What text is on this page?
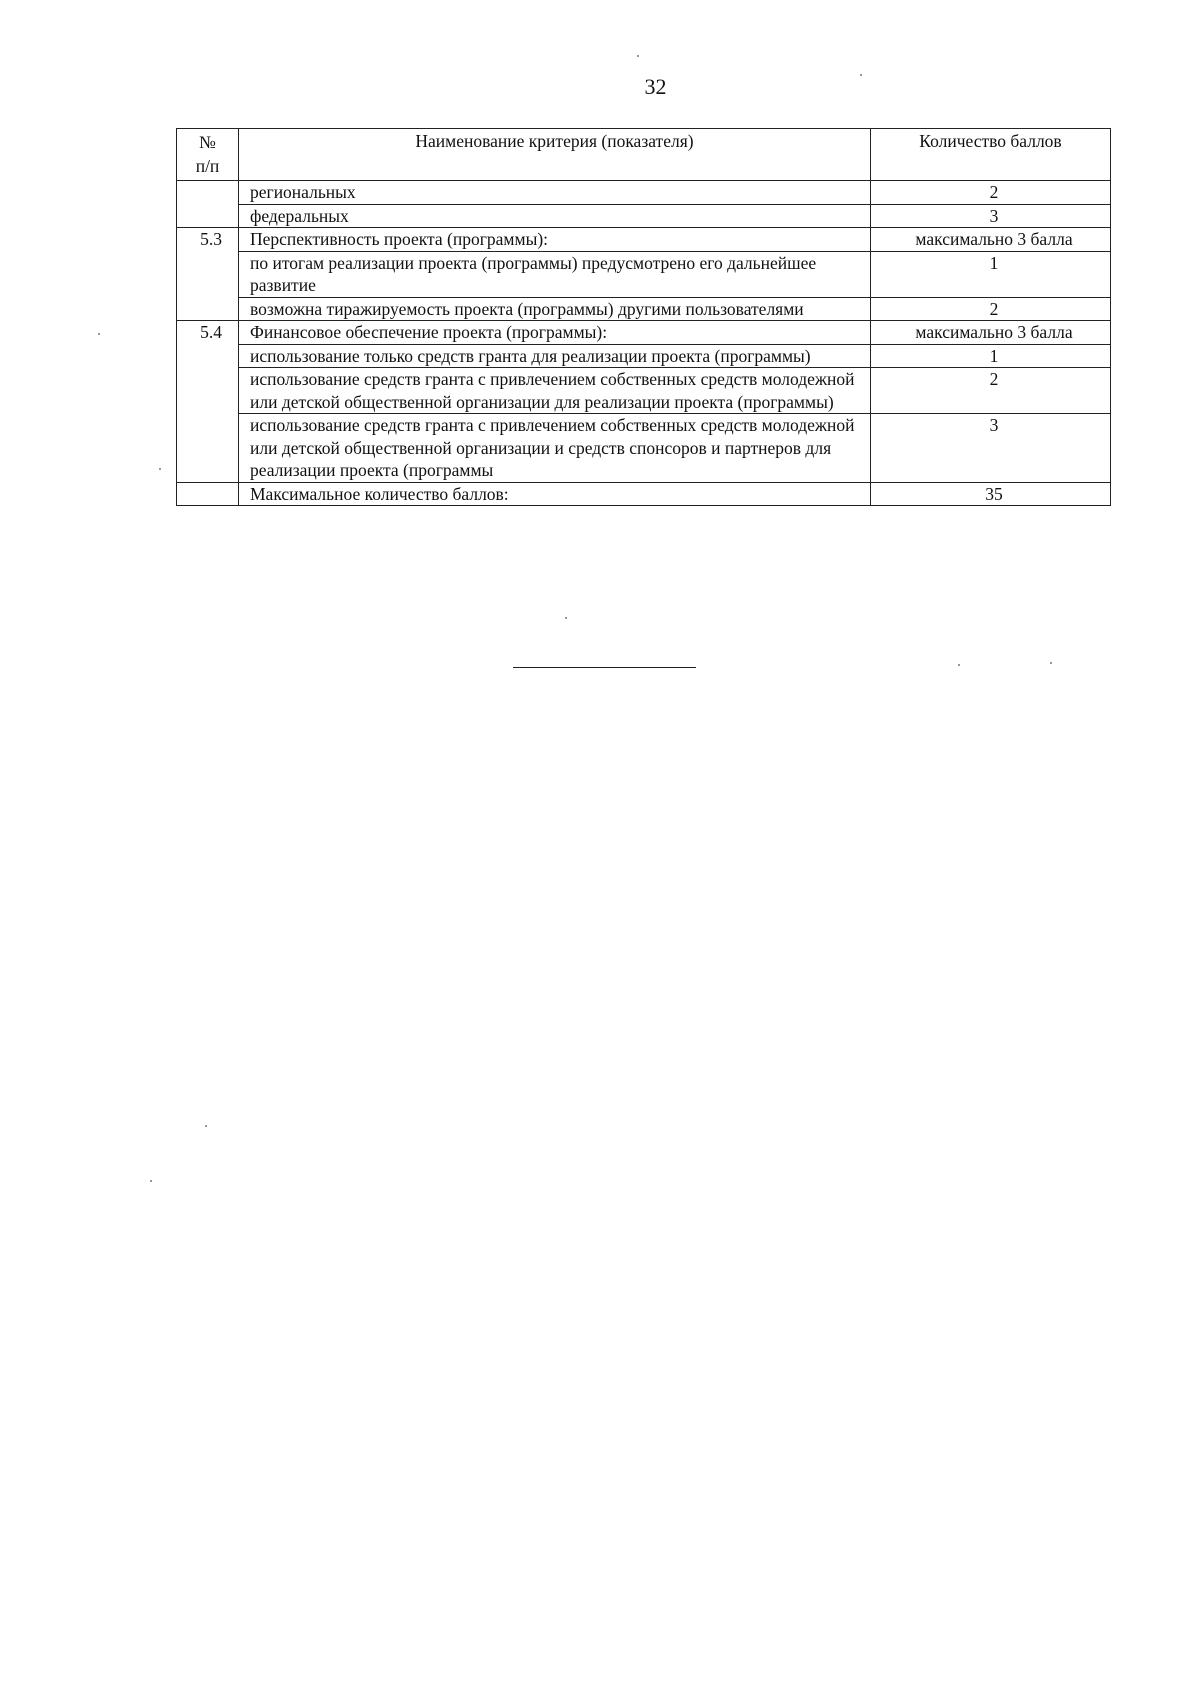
32
№
п/п	Наименование критерия (показателя)	Количество баллов
	региональных	2
	федеральных	3
5.3	Перспективность проекта (программы):	максимально 3 балла
	по итогам реализации проекта (программы) предусмотрено его дальнейшее развитие	1
	возможна тиражируемость проекта (программы) другими пользователями	2
5.4	Финансовое обеспечение проекта (программы):	максимально 3 балла
	использование только средств гранта для реализации проекта (программы)	1
	использование средств гранта с привлечением собственных средств молодежной или детской общественной организации для реализации проекта (программы)	2
	использование средств гранта с привлечением собственных средств молодежной или детской общественной организации и средств спонсоров и партнеров для реализации проекта (программы	3
	Максимальное количество баллов:	35
